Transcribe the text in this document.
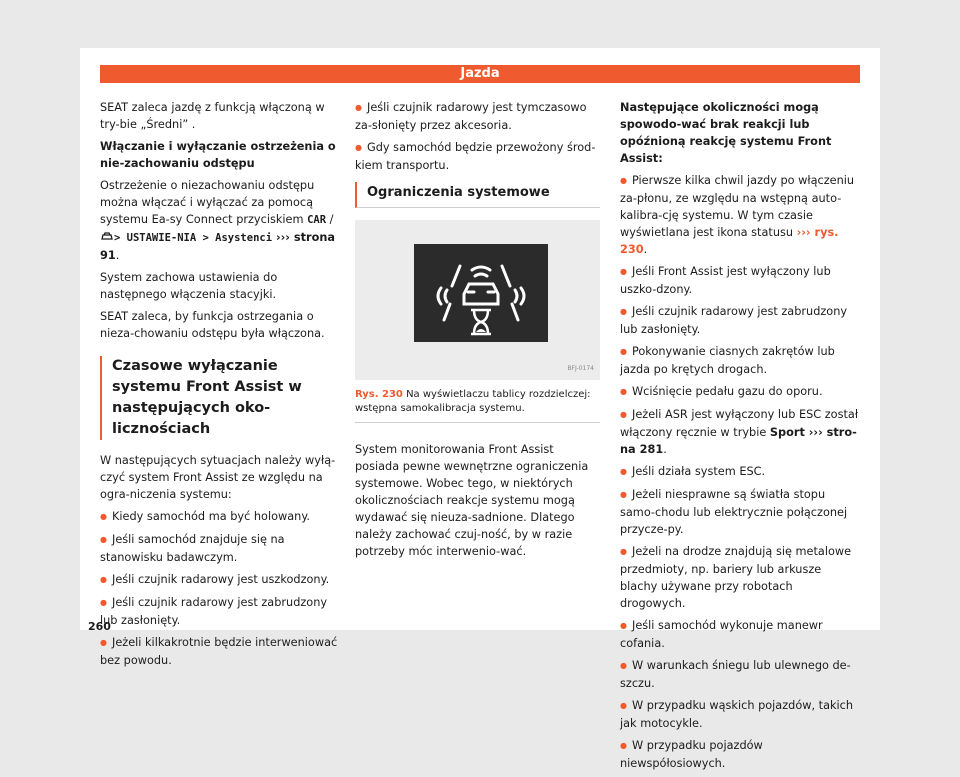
Jazda

SEAT zaleca jazdę z funkcją włączoną w try-bie „Średni” .

Włączanie i wyłączanie ostrzeżenia o nie-zachowaniu odstępu

Ostrzeżenie o niezachowaniu odstępu można włączać i wyłączać za pomocą systemu Ea-sy Connect przyciskiem CAR / > USTAWIE-NIA > Asystenci ››› strona 91.

System zachowa ustawienia do następnego włączenia stacyjki.

SEAT zaleca, by funkcja ostrzegania o nieza-chowaniu odstępu była włączona.

Czasowe wyłączanie systemu Front Assist w następujących oko-licznościach

W następujących sytuacjach należy wyłą-czyć system Front Assist ze względu na ogra-niczenia systemu:

● Kiedy samochód ma być holowany.

● Jeśli samochód znajduje się na stanowisku badawczym.

● Jeśli czujnik radarowy jest uszkodzony.

● Jeśli czujnik radarowy jest zabrudzony lub zasłonięty.

● Jeżeli kilkakrotnie będzie interweniować bez powodu.

● Jeśli czujnik radarowy jest tymczasowo za-słonięty przez akcesoria.

● Gdy samochód będzie przewożony środ-kiem transportu.

Ograniczenia systemowe
BFJ-0174
Rys. 230 Na wyświetlaczu tablicy rozdzielczej: wstępna samokalibracja systemu.

System monitorowania Front Assist posiada pewne wewnętrzne ograniczenia systemowe. Wobec tego, w niektórych okolicznościach reakcje systemu mogą wydawać się nieuza-sadnione. Dlatego należy zachować czuj-ność, by w razie potrzeby móc interwenio-wać.

Następujące okoliczności mogą spowodo-wać brak reakcji lub opóźnioną reakcję systemu Front Assist:

● Pierwsze kilka chwil jazdy po włączeniu za-płonu, ze względu na wstępną auto-kalibra-cję systemu. W tym czasie wyświetlana jest ikona statusu ››› rys. 230.

● Jeśli Front Assist jest wyłączony lub uszko-dzony.

● Jeśli czujnik radarowy jest zabrudzony lub zasłonięty.

● Pokonywanie ciasnych zakrętów lub jazda po krętych drogach.

● Wciśnięcie pedału gazu do oporu.

● Jeżeli ASR jest wyłączony lub ESC został włączony ręcznie w trybie Sport ››› stro-na 281.

● Jeśli działa system ESC.

● Jeżeli niesprawne są światła stopu samo-chodu lub elektrycznie połączonej przycze-py.

● Jeżeli na drodze znajdują się metalowe przedmioty, np. bariery lub arkusze blachy używane przy robotach drogowych.

● Jeśli samochód wykonuje manewr cofania.

● W warunkach śniegu lub ulewnego de-szczu.

● W przypadku wąskich pojazdów, takich jak motocykle.

● W przypadku pojazdów niewspółosiowych.

260
